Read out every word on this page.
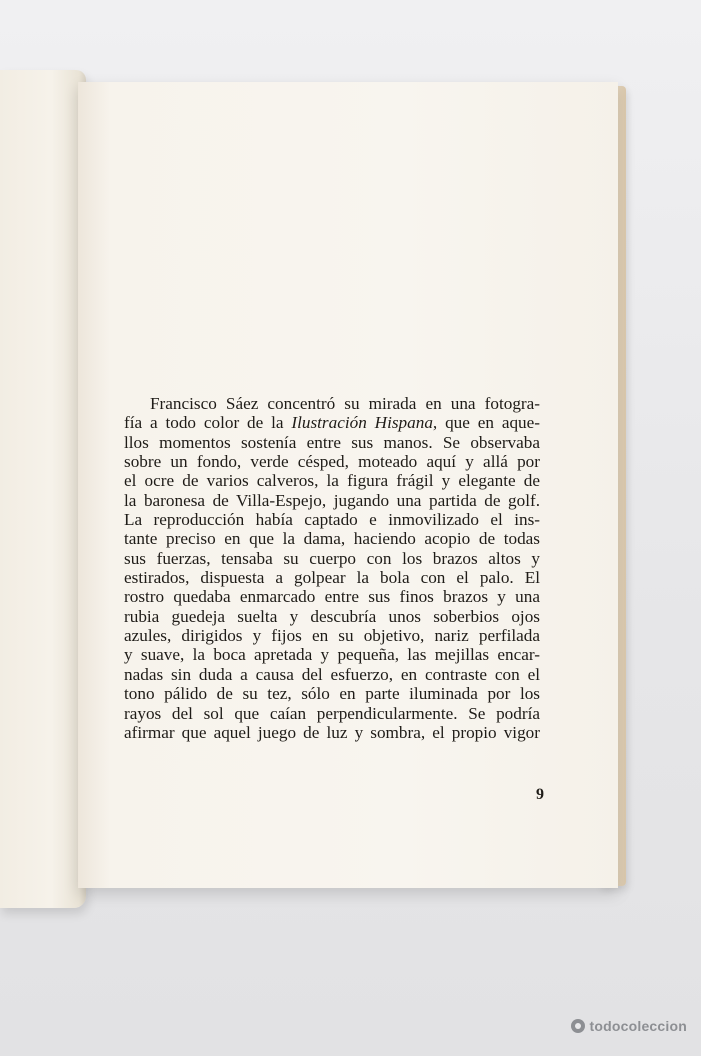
Francisco Sáez concentró su mirada en una fotogra-
fía a todo color de la Ilustración Hispana, que en aque-
llos momentos sostenía entre sus manos. Se observaba
sobre un fondo, verde césped, moteado aquí y allá por
el ocre de varios calveros, la figura frágil y elegante de
la baronesa de Villa-Espejo, jugando una partida de golf.
La reproducción había captado e inmovilizado el ins-
tante preciso en que la dama, haciendo acopio de todas
sus fuerzas, tensaba su cuerpo con los brazos altos y
estirados, dispuesta a golpear la bola con el palo. El
rostro quedaba enmarcado entre sus finos brazos y una
rubia guedeja suelta y descubría unos soberbios ojos
azules, dirigidos y fijos en su objetivo, nariz perfilada
y suave, la boca apretada y pequeña, las mejillas encar-
nadas sin duda a causa del esfuerzo, en contraste con el
tono pálido de su tez, sólo en parte iluminada por los
rayos del sol que caían perpendicularmente. Se podría
afirmar que aquel juego de luz y sombra, el propio vigor
9
todocoleccion
